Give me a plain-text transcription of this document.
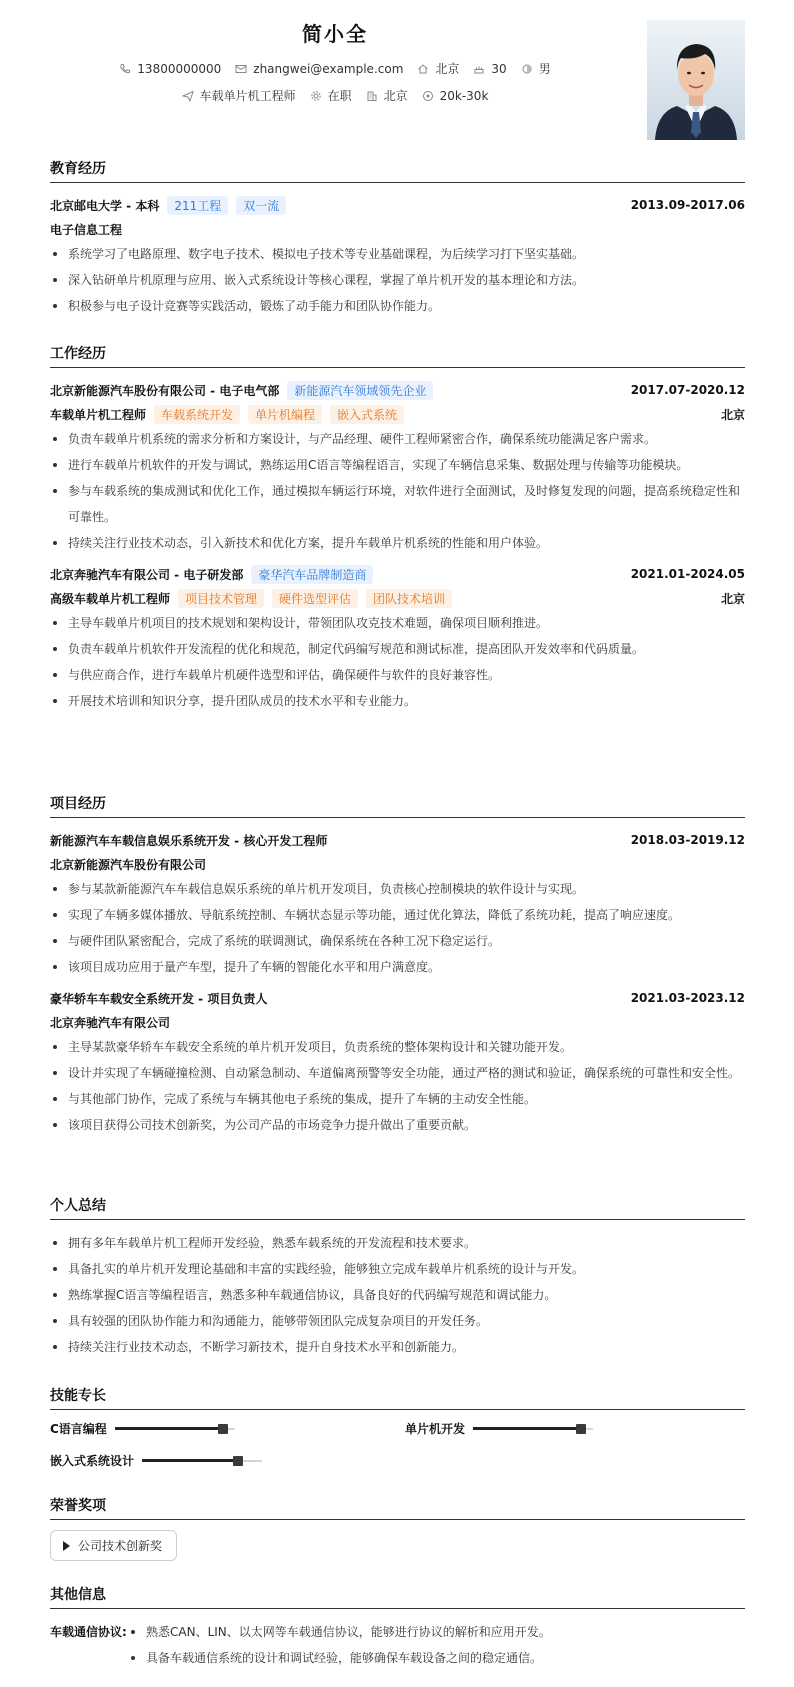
简小全
13800000000	zhangwei@example.com	北京	30	男
车载单片机工程师	在职	北京	20k-30k
教育经历
北京邮电大学 - 本科	211工程	双一流	2013.09-2017.06
电子信息工程
系统学习了电路原理、数字电子技术、模拟电子技术等专业基础课程，为后续学习打下坚实基础。
深入钻研单片机原理与应用、嵌入式系统设计等核心课程，掌握了单片机开发的基本理论和方法。
积极参与电子设计竞赛等实践活动，锻炼了动手能力和团队协作能力。
工作经历
北京新能源汽车股份有限公司 - 电子电气部	新能源汽车领域领先企业	2017.07-2020.12
车载单片机工程师	车载系统开发	单片机编程	嵌入式系统	北京
负责车载单片机系统的需求分析和方案设计，与产品经理、硬件工程师紧密合作，确保系统功能满足客户需求。
进行车载单片机软件的开发与调试，熟练运用C语言等编程语言，实现了车辆信息采集、数据处理与传输等功能模块。
参与车载系统的集成测试和优化工作，通过模拟车辆运行环境，对软件进行全面测试，及时修复发现的问题，提高系统稳定性和可靠性。
持续关注行业技术动态，引入新技术和优化方案，提升车载单片机系统的性能和用户体验。
北京奔驰汽车有限公司 - 电子研发部	豪华汽车品牌制造商	2021.01-2024.05
高级车载单片机工程师	项目技术管理	硬件选型评估	团队技术培训	北京
主导车载单片机项目的技术规划和架构设计，带领团队攻克技术难题，确保项目顺利推进。
负责车载单片机软件开发流程的优化和规范，制定代码编写规范和测试标准，提高团队开发效率和代码质量。
与供应商合作，进行车载单片机硬件选型和评估，确保硬件与软件的良好兼容性。
开展技术培训和知识分享，提升团队成员的技术水平和专业能力。
项目经历
新能源汽车车载信息娱乐系统开发 - 核心开发工程师	2018.03-2019.12
北京新能源汽车股份有限公司
参与某款新能源汽车车载信息娱乐系统的单片机开发项目，负责核心控制模块的软件设计与实现。
实现了车辆多媒体播放、导航系统控制、车辆状态显示等功能，通过优化算法，降低了系统功耗，提高了响应速度。
与硬件团队紧密配合，完成了系统的联调测试，确保系统在各种工况下稳定运行。
该项目成功应用于量产车型，提升了车辆的智能化水平和用户满意度。
豪华轿车车载安全系统开发 - 项目负责人	2021.03-2023.12
北京奔驰汽车有限公司
主导某款豪华轿车车载安全系统的单片机开发项目，负责系统的整体架构设计和关键功能开发。
设计并实现了车辆碰撞检测、自动紧急制动、车道偏离预警等安全功能，通过严格的测试和验证，确保系统的可靠性和安全性。
与其他部门协作，完成了系统与车辆其他电子系统的集成，提升了车辆的主动安全性能。
该项目获得公司技术创新奖，为公司产品的市场竞争力提升做出了重要贡献。
个人总结
拥有多年车载单片机工程师开发经验，熟悉车载系统的开发流程和技术要求。
具备扎实的单片机开发理论基础和丰富的实践经验，能够独立完成车载单片机系统的设计与开发。
熟练掌握C语言等编程语言，熟悉多种车载通信协议，具备良好的代码编写规范和调试能力。
具有较强的团队协作能力和沟通能力，能够带领团队完成复杂项目的开发任务。
持续关注行业技术动态，不断学习新技术，提升自身技术水平和创新能力。
技能专长
C语言编程	单片机开发
嵌入式系统设计
荣誉奖项
公司技术创新奖
其他信息
车载通信协议:	熟悉CAN、LIN、以太网等车载通信协议，能够进行协议的解析和应用开发。
具备车载通信系统的设计和调试经验，能够确保车载设备之间的稳定通信。
